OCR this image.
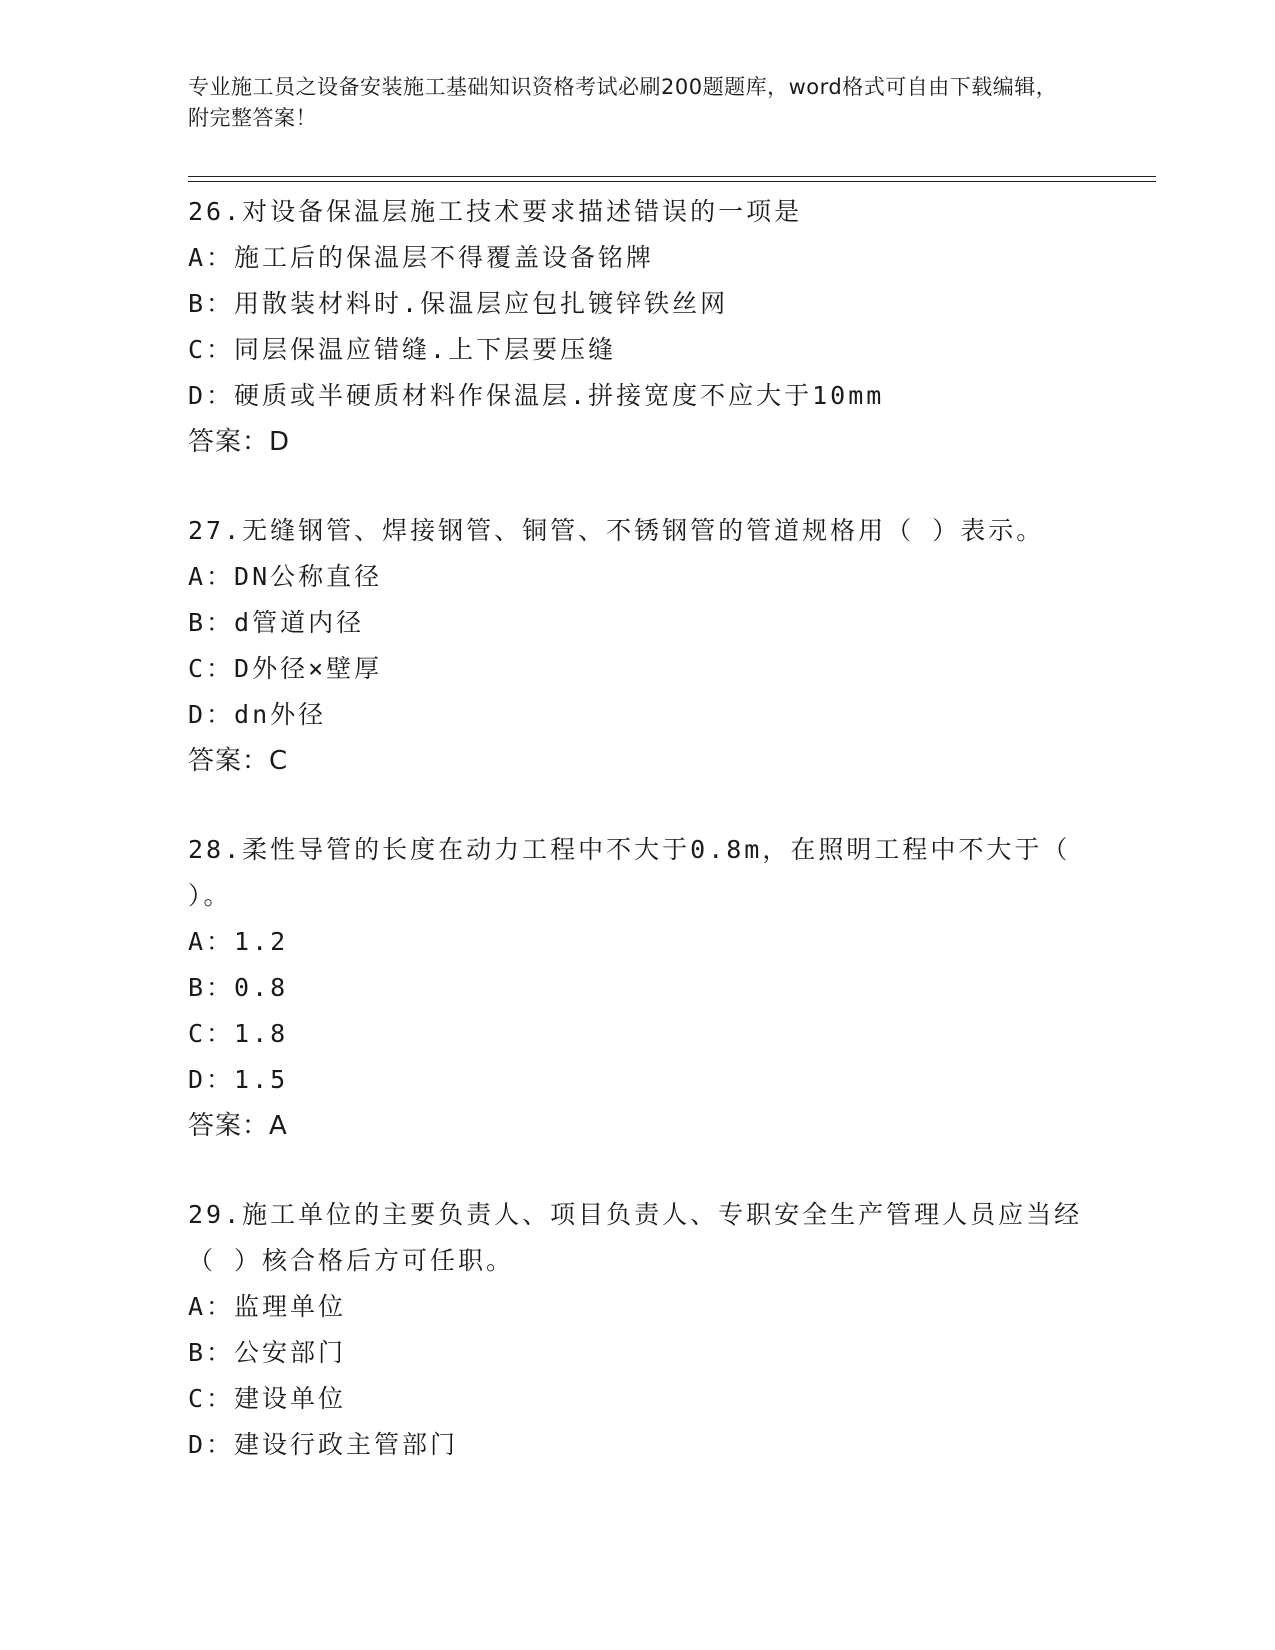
专业施工员之设备安装施工基础知识资格考试必刷200题题库，word格式可自由下载编辑，附完整答案！
26.对设备保温层施工技术要求描述错误的一项是
A：施工后的保温层不得覆盖设备铭牌
B：用散装材料时.保温层应包扎镀锌铁丝网
C：同层保温应错缝.上下层要压缝
D：硬质或半硬质材料作保温层.拼接宽度不应大于10mm
答案：D
27.无缝钢管、焊接钢管、铜管、不锈钢管的管道规格用（ ）表示。
A：DN公称直径
B：d管道内径
C：D外径×壁厚
D：dn外径
答案：C
28.柔性导管的长度在动力工程中不大于0.8m，在照明工程中不大于（ ）。
A：1.2
B：0.8
C：1.8
D：1.5
答案：A
29.施工单位的主要负责人、项目负责人、专职安全生产管理人员应当经（ ）核合格后方可任职。
A：监理单位
B：公安部门
C：建设单位
D：建设行政主管部门
